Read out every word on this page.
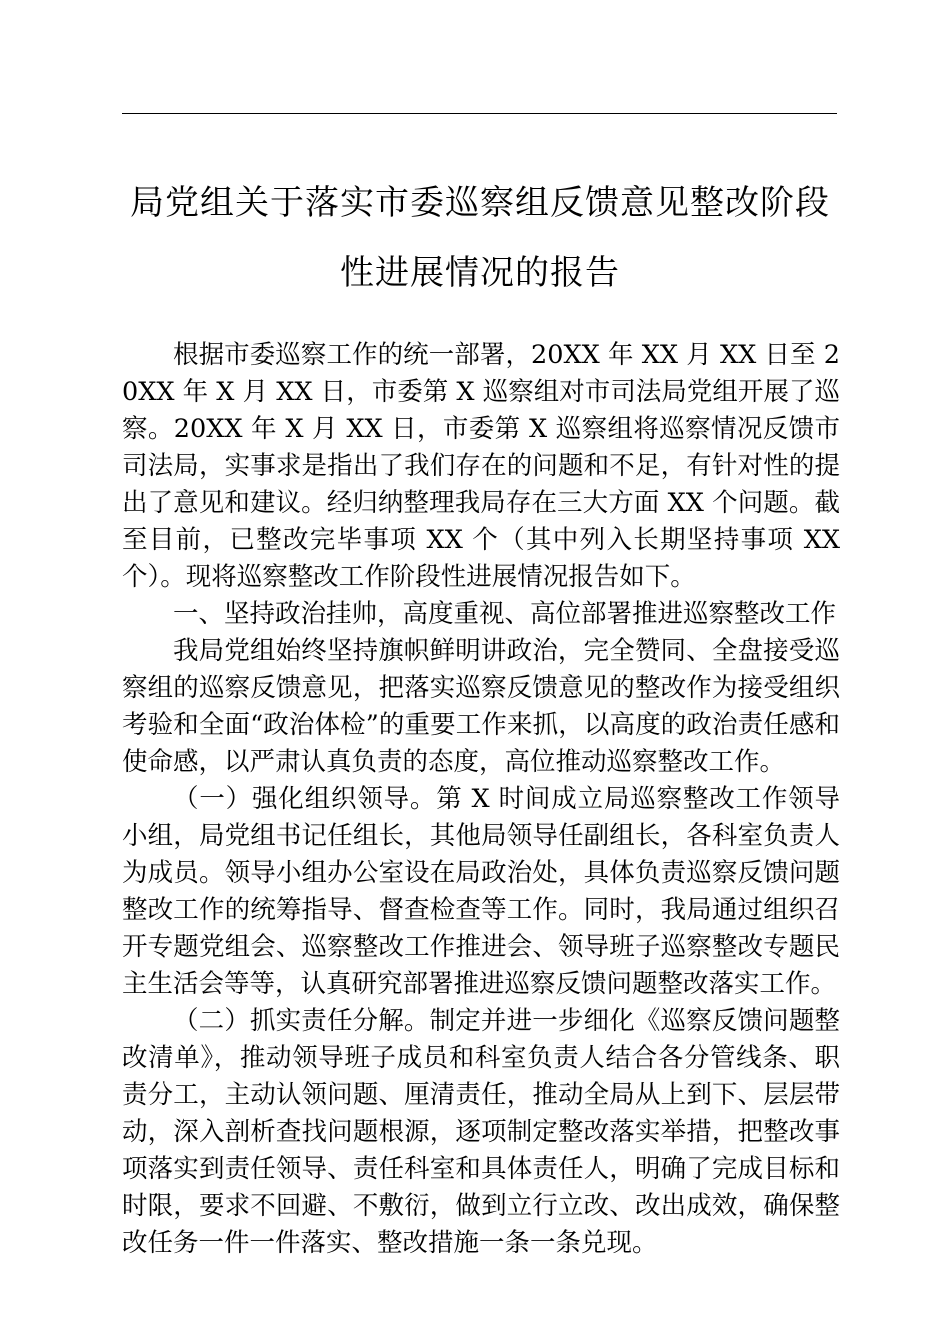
局党组关于落实市委巡察组反馈意见整改阶段
性进展情况的报告

根据市委巡察工作的统一部署，20XX 年 XX 月 XX 日至 20XX 年 X 月 XX 日，市委第 X 巡察组对市司法局党组开展了巡察。20XX 年 X 月 XX 日，市委第 X 巡察组将巡察情况反馈市司法局，实事求是指出了我们存在的问题和不足，有针对性的提出了意见和建议。经归纳整理我局存在三大方面 XX 个问题。截至目前，已整改完毕事项 XX 个（其中列入长期坚持事项 XX 个）。现将巡察整改工作阶段性进展情况报告如下。

一、坚持政治挂帅，高度重视、高位部署推进巡察整改工作

我局党组始终坚持旗帜鲜明讲政治，完全赞同、全盘接受巡察组的巡察反馈意见，把落实巡察反馈意见的整改作为接受组织考验和全面“政治体检”的重要工作来抓，以高度的政治责任感和使命感，以严肃认真负责的态度，高位推动巡察整改工作。

（一）强化组织领导。第 X 时间成立局巡察整改工作领导小组，局党组书记任组长，其他局领导任副组长，各科室负责人为成员。领导小组办公室设在局政治处，具体负责巡察反馈问题整改工作的统筹指导、督查检查等工作。同时，我局通过组织召开专题党组会、巡察整改工作推进会、领导班子巡察整改专题民主生活会等等，认真研究部署推进巡察反馈问题整改落实工作。

（二）抓实责任分解。制定并进一步细化《巡察反馈问题整改清单》，推动领导班子成员和科室负责人结合各分管线条、职责分工，主动认领问题、厘清责任，推动全局从上到下、层层带动，深入剖析查找问题根源，逐项制定整改落实举措，把整改事项落实到责任领导、责任科室和具体责任人，明确了完成目标和时限，要求不回避、不敷衍，做到立行立改、改出成效，确保整改任务一件一件落实、整改措施一条一条兑现。
